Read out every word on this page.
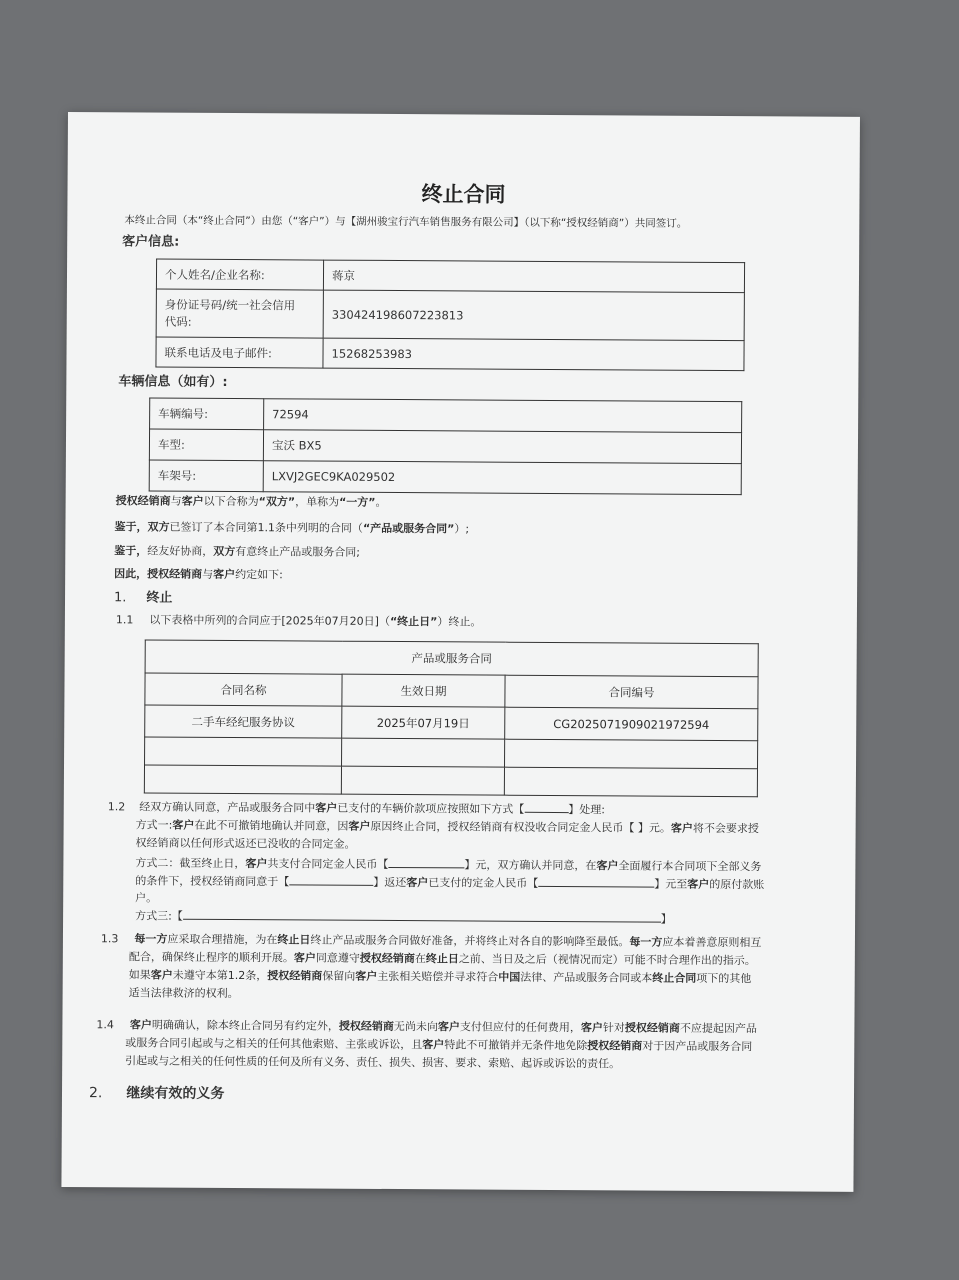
终止合同
本终止合同（本“终止合同”）由您（“客户”）与【湖州骏宝行汽车销售服务有限公司】（以下称“授权经销商”）共同签订。
客户信息:
个人姓名/企业名称:	蒋京
身份证号码/统一社会信用
代码:	330424198607223813
联系电话及电子邮件:	15268253983
车辆信息（如有）:
车辆编号:	72594
车型:	宝沃 BX5
车架号:	LXVJ2GEC9KA029502
授权经销商与客户以下合称为“双方”，单称为“一方”。
鉴于，双方已签订了本合同第1.1条中列明的合同（“产品或服务合同”）;
鉴于，经友好协商，双方有意终止产品或服务合同;
因此，授权经销商与客户约定如下:
1. 终止
1.1 以下表格中所列的合同应于[2025年07月20日]（“终止日”）终止。
产品或服务合同		
合同名称	生效日期	合同编号
二手车经纪服务协议	2025年07月19日	CG2025071909021972594

1.2 经双方确认同意，产品或服务合同中客户已支付的车辆价款项应按照如下方式【	】处理:
方式一:客户在此不可撤销地确认并同意，因客户原因终止合同，授权经销商有权没收合同定金人民币【 】元。客户将不会要求授
权经销商以任何形式返还已没收的合同定金。
方式二：截至终止日，客户共支付合同定金人民币【	】元，双方确认并同意，在客户全面履行本合同项下全部义务
的条件下，授权经销商同意于【	】返还客户已支付的定金人民币【	】元至客户的原付款账
户。
方式三:【	】
1.3 每一方应采取合理措施，为在终止日终止产品或服务合同做好准备，并将终止对各自的影响降至最低。每一方应本着善意原则相互
配合，确保终止程序的顺利开展。客户同意遵守授权经销商在终止日之前、当日及之后（视情况而定）可能不时合理作出的指示。
如果客户未遵守本第1.2条，授权经销商保留向客户主张相关赔偿并寻求符合中国法律、产品或服务合同或本终止合同项下的其他
适当法律救济的权利。
1.4 客户明确确认，除本终止合同另有约定外，授权经销商无尚未向客户支付但应付的任何费用，客户针对授权经销商不应提起因产品
或服务合同引起或与之相关的任何其他索赔、主张或诉讼，且客户特此不可撤销并无条件地免除授权经销商对于因产品或服务合同
引起或与之相关的任何性质的任何及所有义务、责任、损失、损害、要求、索赔、起诉或诉讼的责任。
2. 继续有效的义务
